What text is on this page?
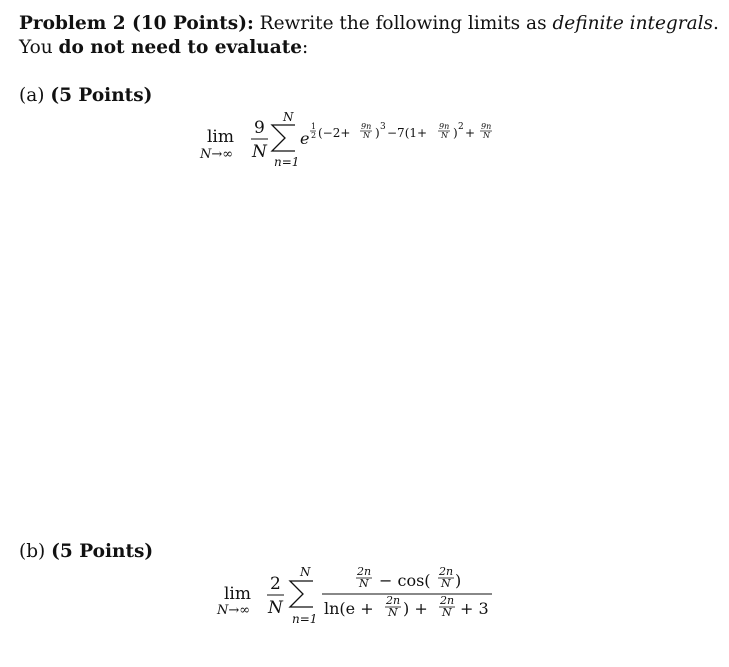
Problem 2 (10 Points): Rewrite the following limits as definite integrals.
You do not need to evaluate:
(a) (5 Points)
lim
N→∞
9
N
N
n=1
e
1
2 (−2+ 9n
N ) 3 −7(1+ 9n
N ) 2 + 9n
N
(b) (5 Points)
lim
N→∞
2
N
N
n=1
2n
N − cos( 2n
N )
ln(e + 2n
N ) + 2n
N + 3
